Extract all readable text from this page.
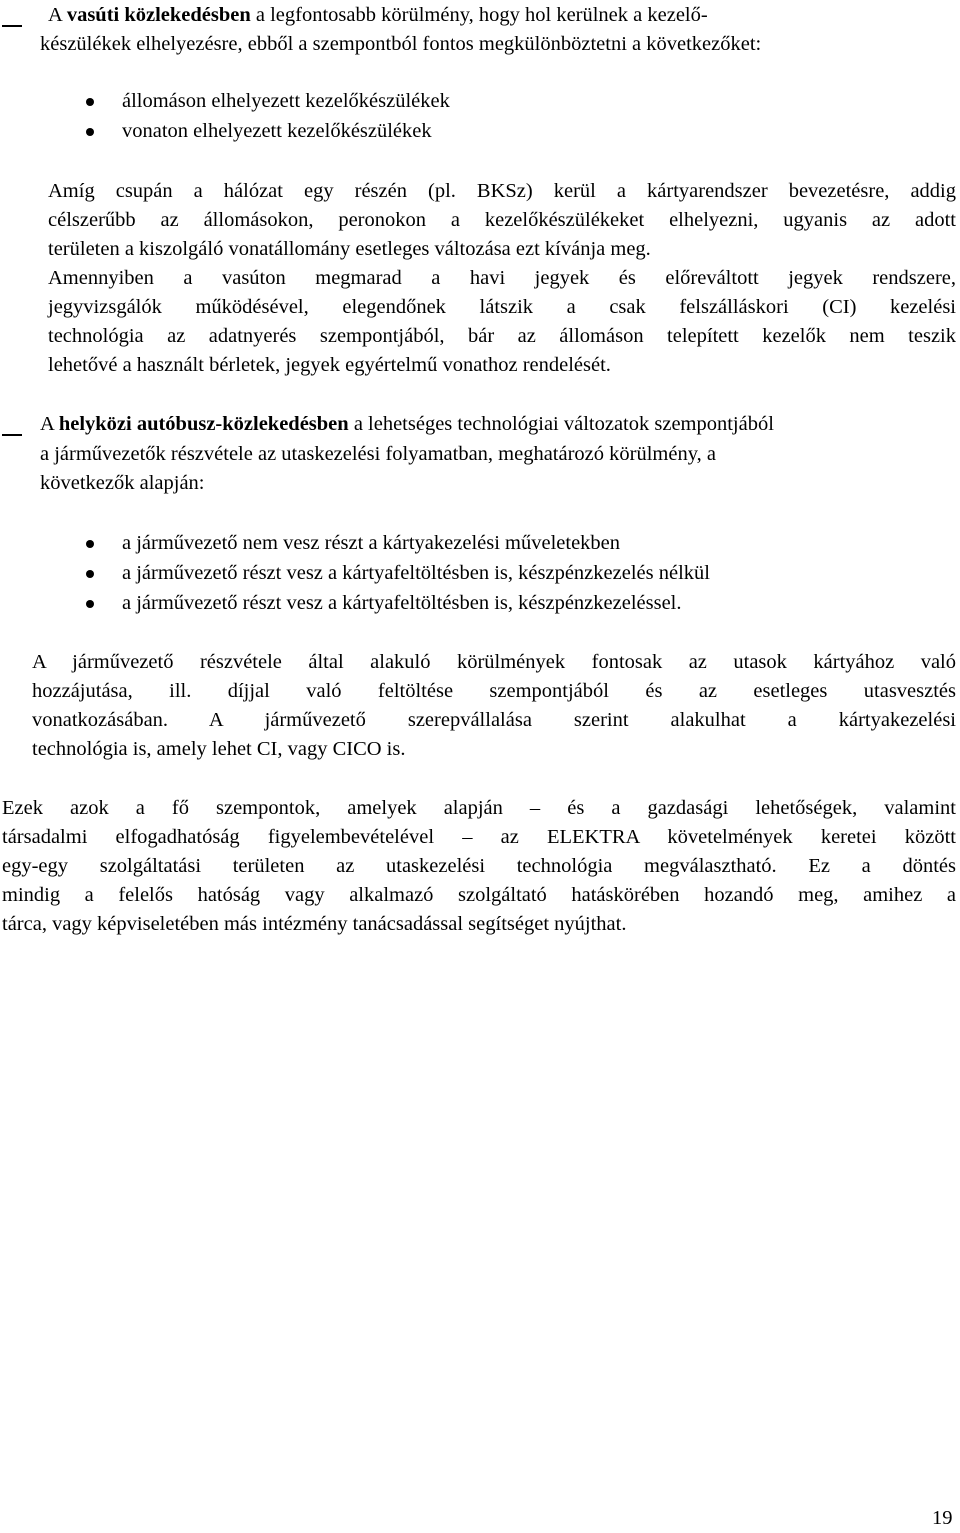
A vasúti közlekedésben a legfontosabb körülmény, hogy hol kerülnek a kezelő-
készülékek elhelyezésre, ebből a szempontból fontos megkülönböztetni a következőket:
állomáson elhelyezett kezelőkészülékek
vonaton elhelyezett kezelőkészülékek
Amíg csupán a hálózat egy részén (pl. BKSz) kerül a kártyarendszer bevezetésre, addig
célszerűbb az állomásokon, peronokon a kezelőkészülékeket elhelyezni, ugyanis az adott
területen a kiszolgáló vonatállomány esetleges változása ezt kívánja meg.
Amennyiben a vasúton megmarad a havi jegyek és előreváltott jegyek rendszere,
jegyvizsgálók működésével, elegendőnek látszik a csak felszálláskori (CI) kezelési
technológia az adatnyerés szempontjából, bár az állomáson telepített kezelők nem teszik
lehetővé a használt bérletek, jegyek egyértelmű vonathoz rendelését.
A helyközi autóbusz-közlekedésben a lehetséges technológiai változatok szempontjából
a járművezetők részvétele az utaskezelési folyamatban, meghatározó körülmény, a
következők alapján:
a járművezető nem vesz részt a kártyakezelési műveletekben
a járművezető részt vesz a kártyafeltöltésben is, készpénzkezelés nélkül
a járművezető részt vesz a kártyafeltöltésben is, készpénzkezeléssel.
A járművezető részvétele által alakuló körülmények fontosak az utasok kártyához való
hozzájutása, ill. díjjal való feltöltése szempontjából és az esetleges utasvesztés
vonatkozásában. A járművezető szerepvállalása szerint alakulhat a kártyakezelési
technológia is, amely lehet CI, vagy CICO is.
Ezek azok a fő szempontok, amelyek alapján – és a gazdasági lehetőségek, valamint
társadalmi elfogadhatóság figyelembevételével – az ELEKTRA követelmények keretei között
egy-egy szolgáltatási területen az utaskezelési technológia megválasztható. Ez a döntés
mindig a felelős hatóság vagy alkalmazó szolgáltató hatáskörében hozandó meg, amihez a
tárca, vagy képviseletében más intézmény tanácsadással segítséget nyújthat.
19
